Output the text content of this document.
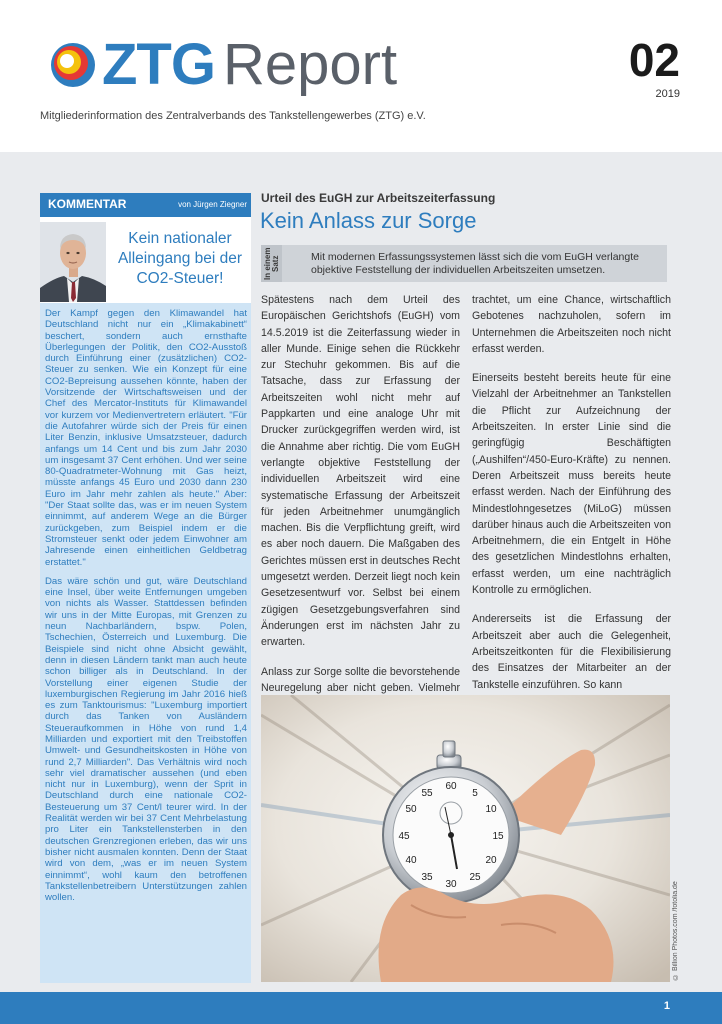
ZTG Report	02
2019
Mitgliederinformation des Zentralverbands des Tankstellengewerbes (ZTG) e.V.
KOMMENTAR	von Jürgen Ziegner
Kein nationaler Alleingang bei der CO2-Steuer!

Der Kampf gegen den Klimawandel hat Deutschland nicht nur ein „Klimakabinett“ beschert, sondern auch ernsthafte Überlegungen der Politik, den CO2-Ausstoß durch Einführung einer (zusätzlichen) CO2-Steuer zu senken. Wie ein Konzept für eine CO2-Bepreisung aussehen könnte, haben der Vorsitzende der Wirtschaftsweisen und der Chef des Mercator-Instituts für Klimawandel vor kurzem vor Medienvertretern erläutert. "Für die Autofahrer würde sich der Preis für einen Liter Benzin, inklusive Umsatzsteuer, dadurch anfangs um 14 Cent und bis zum Jahr 2030 um insgesamt 37 Cent erhöhen. Und wer seine 80-Quadratmeter-Wohnung mit Gas heizt, müsste anfangs 45 Euro und 2030 dann 230 Euro im Jahr mehr zahlen als heute." Aber: "Der Staat sollte das, was er im neuen System einnimmt, auf anderem Wege an die Bürger zurückgeben, zum Beispiel indem er die Stromsteuer senkt oder jedem Einwohner am Jahresende einen einheitlichen Geldbetrag erstattet."

Das wäre schön und gut, wäre Deutschland eine Insel, über weite Entfernungen umgeben von nichts als Wasser. Stattdessen befinden wir uns in der Mitte Europas, mit Grenzen zu neun Nachbarländern, bspw. Polen, Tschechien, Österreich und Luxemburg. Die Beispiele sind nicht ohne Absicht gewählt, denn in diesen Ländern tankt man auch heute schon billiger als in Deutschland. In der Vorstellung einer eigenen Studie der luxemburgischen Regierung im Jahr 2016 hieß es zum Tanktourismus: "Luxemburg importiert durch das Tanken von Ausländern Steueraufkommen in Höhe von rund 1,4 Milliarden und exportiert mit den Treibstoffen Umwelt- und Gesundheitskosten in Höhe von rund 2,7 Milliarden". Das Verhältnis wird noch sehr viel dramatischer aussehen (und eben nicht nur in Luxemburg), wenn der Sprit in Deutschland durch eine nationale CO2-Besteuerung um 37 Cent/l teurer wird. In der Realität werden wir bei 37 Cent Mehrbelastung pro Liter ein Tankstellensterben in den deutschen Grenzregionen erleben, das wir uns bisher nicht ausmalen konnten. Denn der Staat wird von dem, „was er im neuen System einnimmt“, wohl kaum den betroffenen Tankstellenbetreibern Unterstützungen zahlen wollen.

Urteil des EuGH zur Arbeitszeiterfassung
Kein Anlass zur Sorge
In einem Satz	Mit modernen Erfassungssystemen lässt sich die vom EuGH verlangte objektive Feststellung der individuellen Arbeitszeiten umsetzen.

Spätestens nach dem Urteil des Europäischen Gerichtshofs (EuGH) vom 14.5.2019 ist die Zeiterfassung wieder in aller Munde. Einige sehen die Rückkehr zur Stechuhr gekommen. Bis auf die Tatsache, dass zur Erfassung der Arbeitszeiten wohl nicht mehr auf Pappkarten und eine analoge Uhr mit Drucker zurückgegriffen werden wird, ist die Annahme aber richtig. Die vom EuGH verlangte objektive Feststellung der individuellen Arbeitszeit wird eine systematische Erfassung der Arbeitszeit für jeden Arbeitnehmer unumgänglich machen. Bis die Verpflichtung greift, wird es aber noch dauern. Die Maßgaben des Gerichtes müssen erst in deutsches Recht umgesetzt werden. Derzeit liegt noch kein Gesetzesentwurf vor. Selbst bei einem zügigen Gesetzgebungsverfahren sind Änderungen erst im nächsten Jahr zu erwarten.

Anlass zur Sorge sollte die bevorstehende Neuregelung aber nicht geben. Vielmehr

trachtet, um eine Chance, wirtschaftlich Gebotenes nachzuholen, sofern im Unternehmen die Arbeitszeiten noch nicht erfasst werden.

Einerseits besteht bereits heute für eine Vielzahl der Arbeitnehmer an Tankstellen die Pflicht zur Aufzeichnung der Arbeitszeiten. In erster Linie sind die geringfügig Beschäftigten („Aushilfen“/450-Euro-Kräfte) zu nennen. Deren Arbeitszeit muss bereits heute erfasst werden. Nach der Einführung des Mindestlohngesetzes (MiLoG) müssen darüber hinaus auch die Arbeitszeiten von Arbeitnehmern, die ein Entgelt in Höhe des gesetzlichen Mindestlohns erhalten, erfasst werden, um eine nachträglich Kontrolle zu ermöglichen.

Andererseits ist die Erfassung der Arbeitszeit aber auch die Gelegenheit, Arbeitszeitkonten für die Flexibilisierung des Einsatzes der Mitarbeiter an der Tankstelle einzuführen. So kann

60
5
10
15
20
25
30
35
40
45
50
55
© Billion Photos.com /fotolia.de
1
